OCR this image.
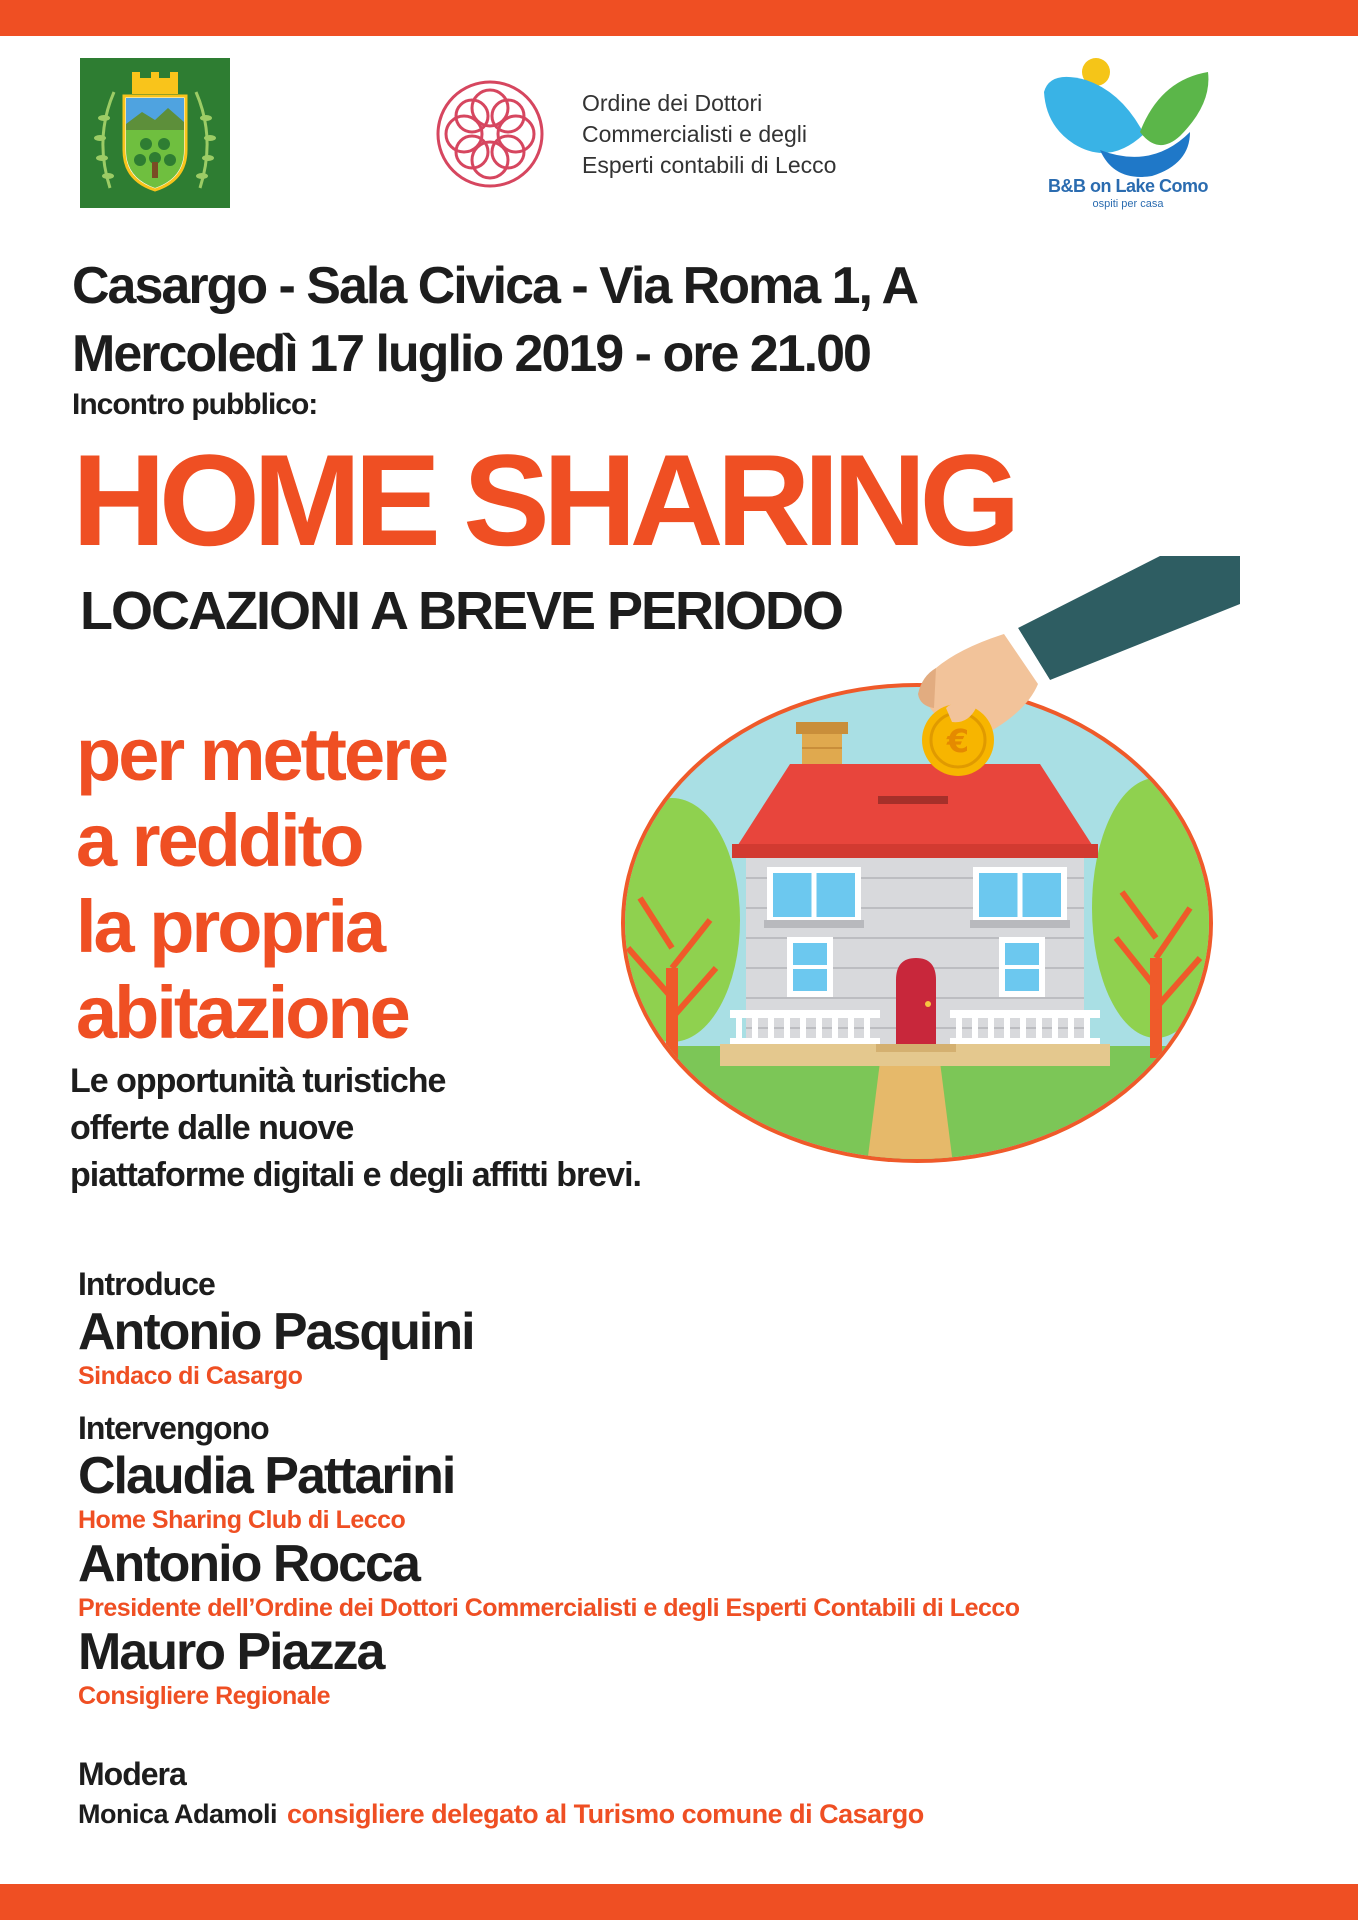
Ordine dei Dottori
Commercialisti e degli
Esperti contabili di Lecco
B&B on Lake Como
ospiti per casa
Casargo - Sala Civica - Via Roma 1, A
Mercoledì 17 luglio 2019 - ore 21.00
Incontro pubblico:
HOME SHARING
LOCAZIONI A BREVE PERIODO
per mettere
a reddito
la propria
abitazione
€
Le opportunità turistiche
offerte dalle nuove
piattaforme digitali e degli affitti brevi.
Introduce
Antonio Pasquini
Sindaco di Casargo
Intervengono
Claudia Pattarini
Home Sharing Club di Lecco
Antonio Rocca
Presidente dell’Ordine dei Dottori Commercialisti e degli Esperti Contabili di Lecco
Mauro Piazza
Consigliere Regionale
Modera
Monica Adamoli consigliere delegato al Turismo comune di Casargo
